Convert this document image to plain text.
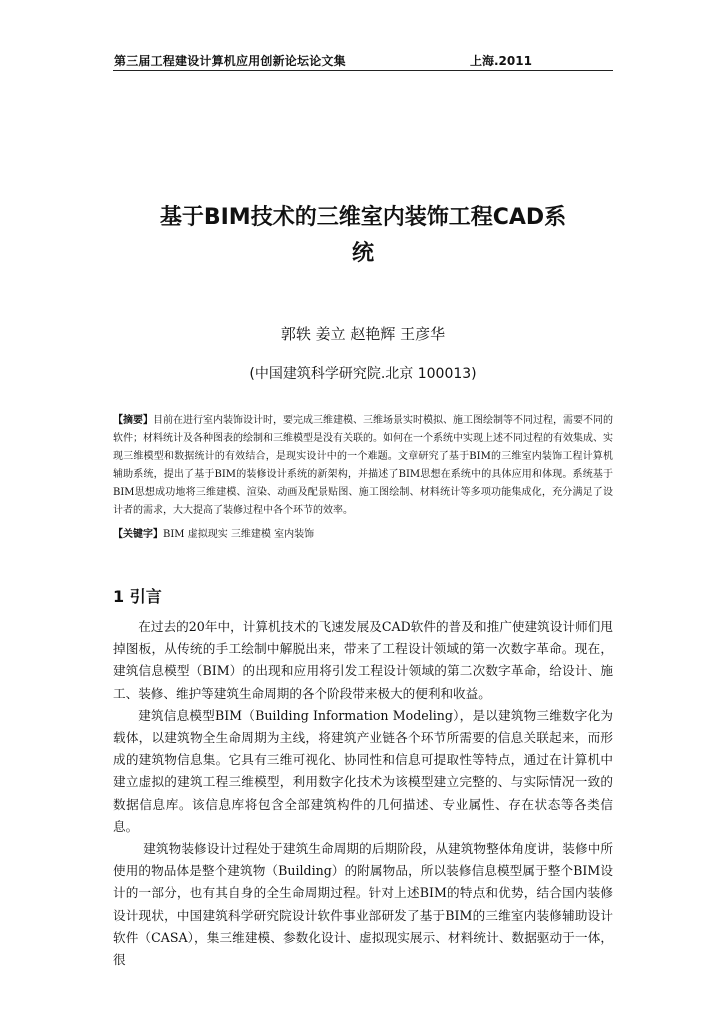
第三届工程建设计算机应用创新论坛论文集	上海.2011
基于BIM技术的三维室内装饰工程CAD系
统
郭轶 姜立 赵艳辉 王彦华
(中国建筑科学研究院.北京 100013)
【摘要】目前在进行室内装饰设计时，要完成三维建模、三维场景实时模拟、施工图绘制等不同过程，需要不同的软件；材料统计及各种图表的绘制和三维模型是没有关联的。如何在一个系统中实现上述不同过程的有效集成、实现三维模型和数据统计的有效结合，是现实设计中的一个难题。文章研究了基于BIM的三维室内装饰工程计算机辅助系统，提出了基于BIM的装修设计系统的新架构，并描述了BIM思想在系统中的具体应用和体现。系统基于BIM思想成功地将三维建模、渲染、动画及配景贴图、施工图绘制、材料统计等多项功能集成化，充分满足了设计者的需求，大大提高了装修过程中各个环节的效率。
【关键字】BIM 虚拟现实 三维建模 室内装饰
1 引言

在过去的20年中，计算机技术的飞速发展及CAD软件的普及和推广使建筑设计师们甩掉图板，从传统的手工绘制中解脱出来，带来了工程设计领域的第一次数字革命。现在，建筑信息模型（BIM）的出现和应用将引发工程设计领域的第二次数字革命，给设计、施工、装修、维护等建筑生命周期的各个阶段带来极大的便利和收益。

建筑信息模型BIM（Building Information Modeling），是以建筑物三维数字化为载体，以建筑物全生命周期为主线，将建筑产业链各个环节所需要的信息关联起来，而形成的建筑物信息集。它具有三维可视化、协同性和信息可提取性等特点，通过在计算机中建立虚拟的建筑工程三维模型，利用数字化技术为该模型建立完整的、与实际情况一致的数据信息库。该信息库将包含全部建筑构件的几何描述、专业属性、存在状态等各类信息。

建筑物装修设计过程处于建筑生命周期的后期阶段，从建筑物整体角度讲，装修中所使用的物品体是整个建筑物（Building）的附属物品，所以装修信息模型属于整个BIM设计的一部分，也有其自身的全生命周期过程。针对上述BIM的特点和优势，结合国内装修设计现状，中国建筑科学研究院设计软件事业部研发了基于BIM的三维室内装修辅助设计软件（CASA），集三维建模、参数化设计、虚拟现实展示、材料统计、数据驱动于一体，很
